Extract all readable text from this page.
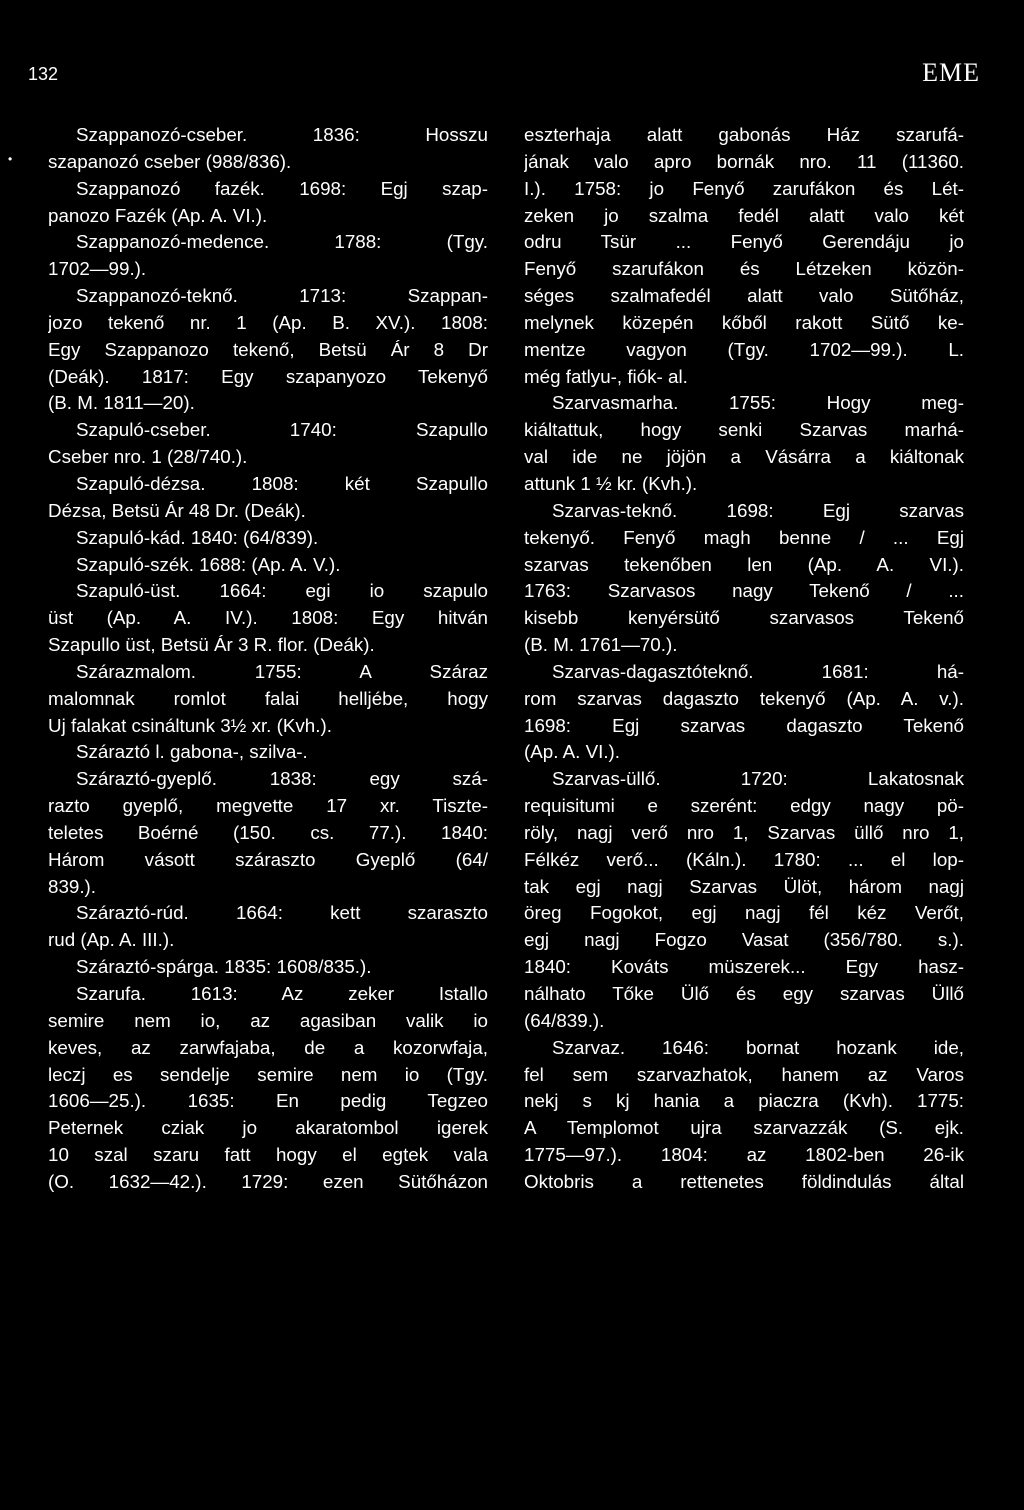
132	EME
•
Szappanozó-cseber. 1836: Hosszu
szapanozó cseber (988/836).
Szappanozó fazék. 1698: Egj szap-
panozo Fazék (Ap. A. VI.).
Szappanozó-medence. 1788: (Tgy.
1702—99.).
Szappanozó-teknő. 1713: Szappan-
jozo tekenő nr. 1 (Ap. B. XV.). 1808:
Egy Szappanozo tekenő, Betsü Ár 8 Dr
(Deák). 1817: Egy szapanyozo Tekenyő
(B. M. 1811—20).
Szapuló-cseber. 1740: Szapullo
Cseber nro. 1 (28/740.).
Szapuló-dézsa. 1808: két Szapullo
Dézsa, Betsü Ár 48 Dr. (Deák).
Szapuló-kád. 1840: (64/839).
Szapuló-szék. 1688: (Ap. A. V.).
Szapuló-üst. 1664: egi io szapulo
üst (Ap. A. IV.). 1808: Egy hitván
Szapullo üst, Betsü Ár 3 R. flor. (Deák).
Szárazmalom. 1755: A Száraz
malomnak romlot falai helljébe, hogy
Uj falakat csináltunk 3½ xr. (Kvh.).
Száraztó l. gabona-, szilva-.
Száraztó-gyeplő. 1838: egy szá-
razto gyeplő, megvette 17 xr. Tiszte-
teletes Boérné (150. cs. 77.). 1840:
Három vásott száraszto Gyeplő (64/
839.).
Száraztó-rúd. 1664: kett szaraszto
rud (Ap. A. III.).
Száraztó-spárga. 1835: 1608/835.).
Szarufa. 1613: Az zeker Istallo
semire nem io, az agasiban valik io
keves, az zarwfajaba, de a kozorwfaja,
leczj es sendelje semire nem io (Tgy.
1606—25.). 1635: En pedig Tegzeo
Peternek cziak jo akaratombol igerek
10 szal szaru fatt hogy el egtek vala
(O. 1632—42.). 1729: ezen Sütőházon
eszterhaja alatt gabonás Ház szarufá-
jának valo apro bornák nro. 11 (11360.
I.). 1758: jo Fenyő zarufákon és Lét-
zeken jo szalma fedél alatt valo két
odru Tsür ... Fenyő Gerendáju jo
Fenyő szarufákon és Létzeken közön-
séges szalmafedél alatt valo Sütőház,
melynek közepén kőből rakott Sütő ke-
mentze vagyon (Tgy. 1702—99.). L.
még fatlyu-, fiók- al.
Szarvasmarha. 1755: Hogy meg-
kiáltattuk, hogy senki Szarvas marhá-
val ide ne jöjön a Vásárra a kiáltonak
attunk 1 ½ kr. (Kvh.).
Szarvas-teknő. 1698: Egj szarvas
tekenyő. Fenyő magh benne / ... Egj
szarvas tekenőben len (Ap. A. VI.).
1763: Szarvasos nagy Tekenő / ...
kisebb kenyérsütő szarvasos Tekenő
(B. M. 1761—70.).
Szarvas-dagasztóteknő. 1681: há-
rom szarvas dagaszto tekenyő (Ap. A. v.).
1698: Egj szarvas dagaszto Tekenő
(Ap. A. VI.).
Szarvas-üllő. 1720: Lakatosnak
requisitumi e szerént: edgy nagy pö-
röly, nagj verő nro 1, Szarvas üllő nro 1,
Félkéz verő... (Káln.). 1780: ... el lop-
tak egj nagj Szarvas Ülöt, három nagj
öreg Fogokot, egj nagj fél kéz Verőt,
egj nagj Fogzo Vasat (356/780. s.).
1840: Kováts müszerek... Egy hasz-
nálhato Tőke Ülő és egy szarvas Üllő
(64/839.).
Szarvaz. 1646: bornat hozank ide,
fel sem szarvazhatok, hanem az Varos
nekj s kj hania a piaczra (Kvh). 1775:
A Templomot ujra szarvazzák (S. ejk.
1775—97.). 1804: az 1802-ben 26-ik
Oktobris a rettenetes földindulás által
